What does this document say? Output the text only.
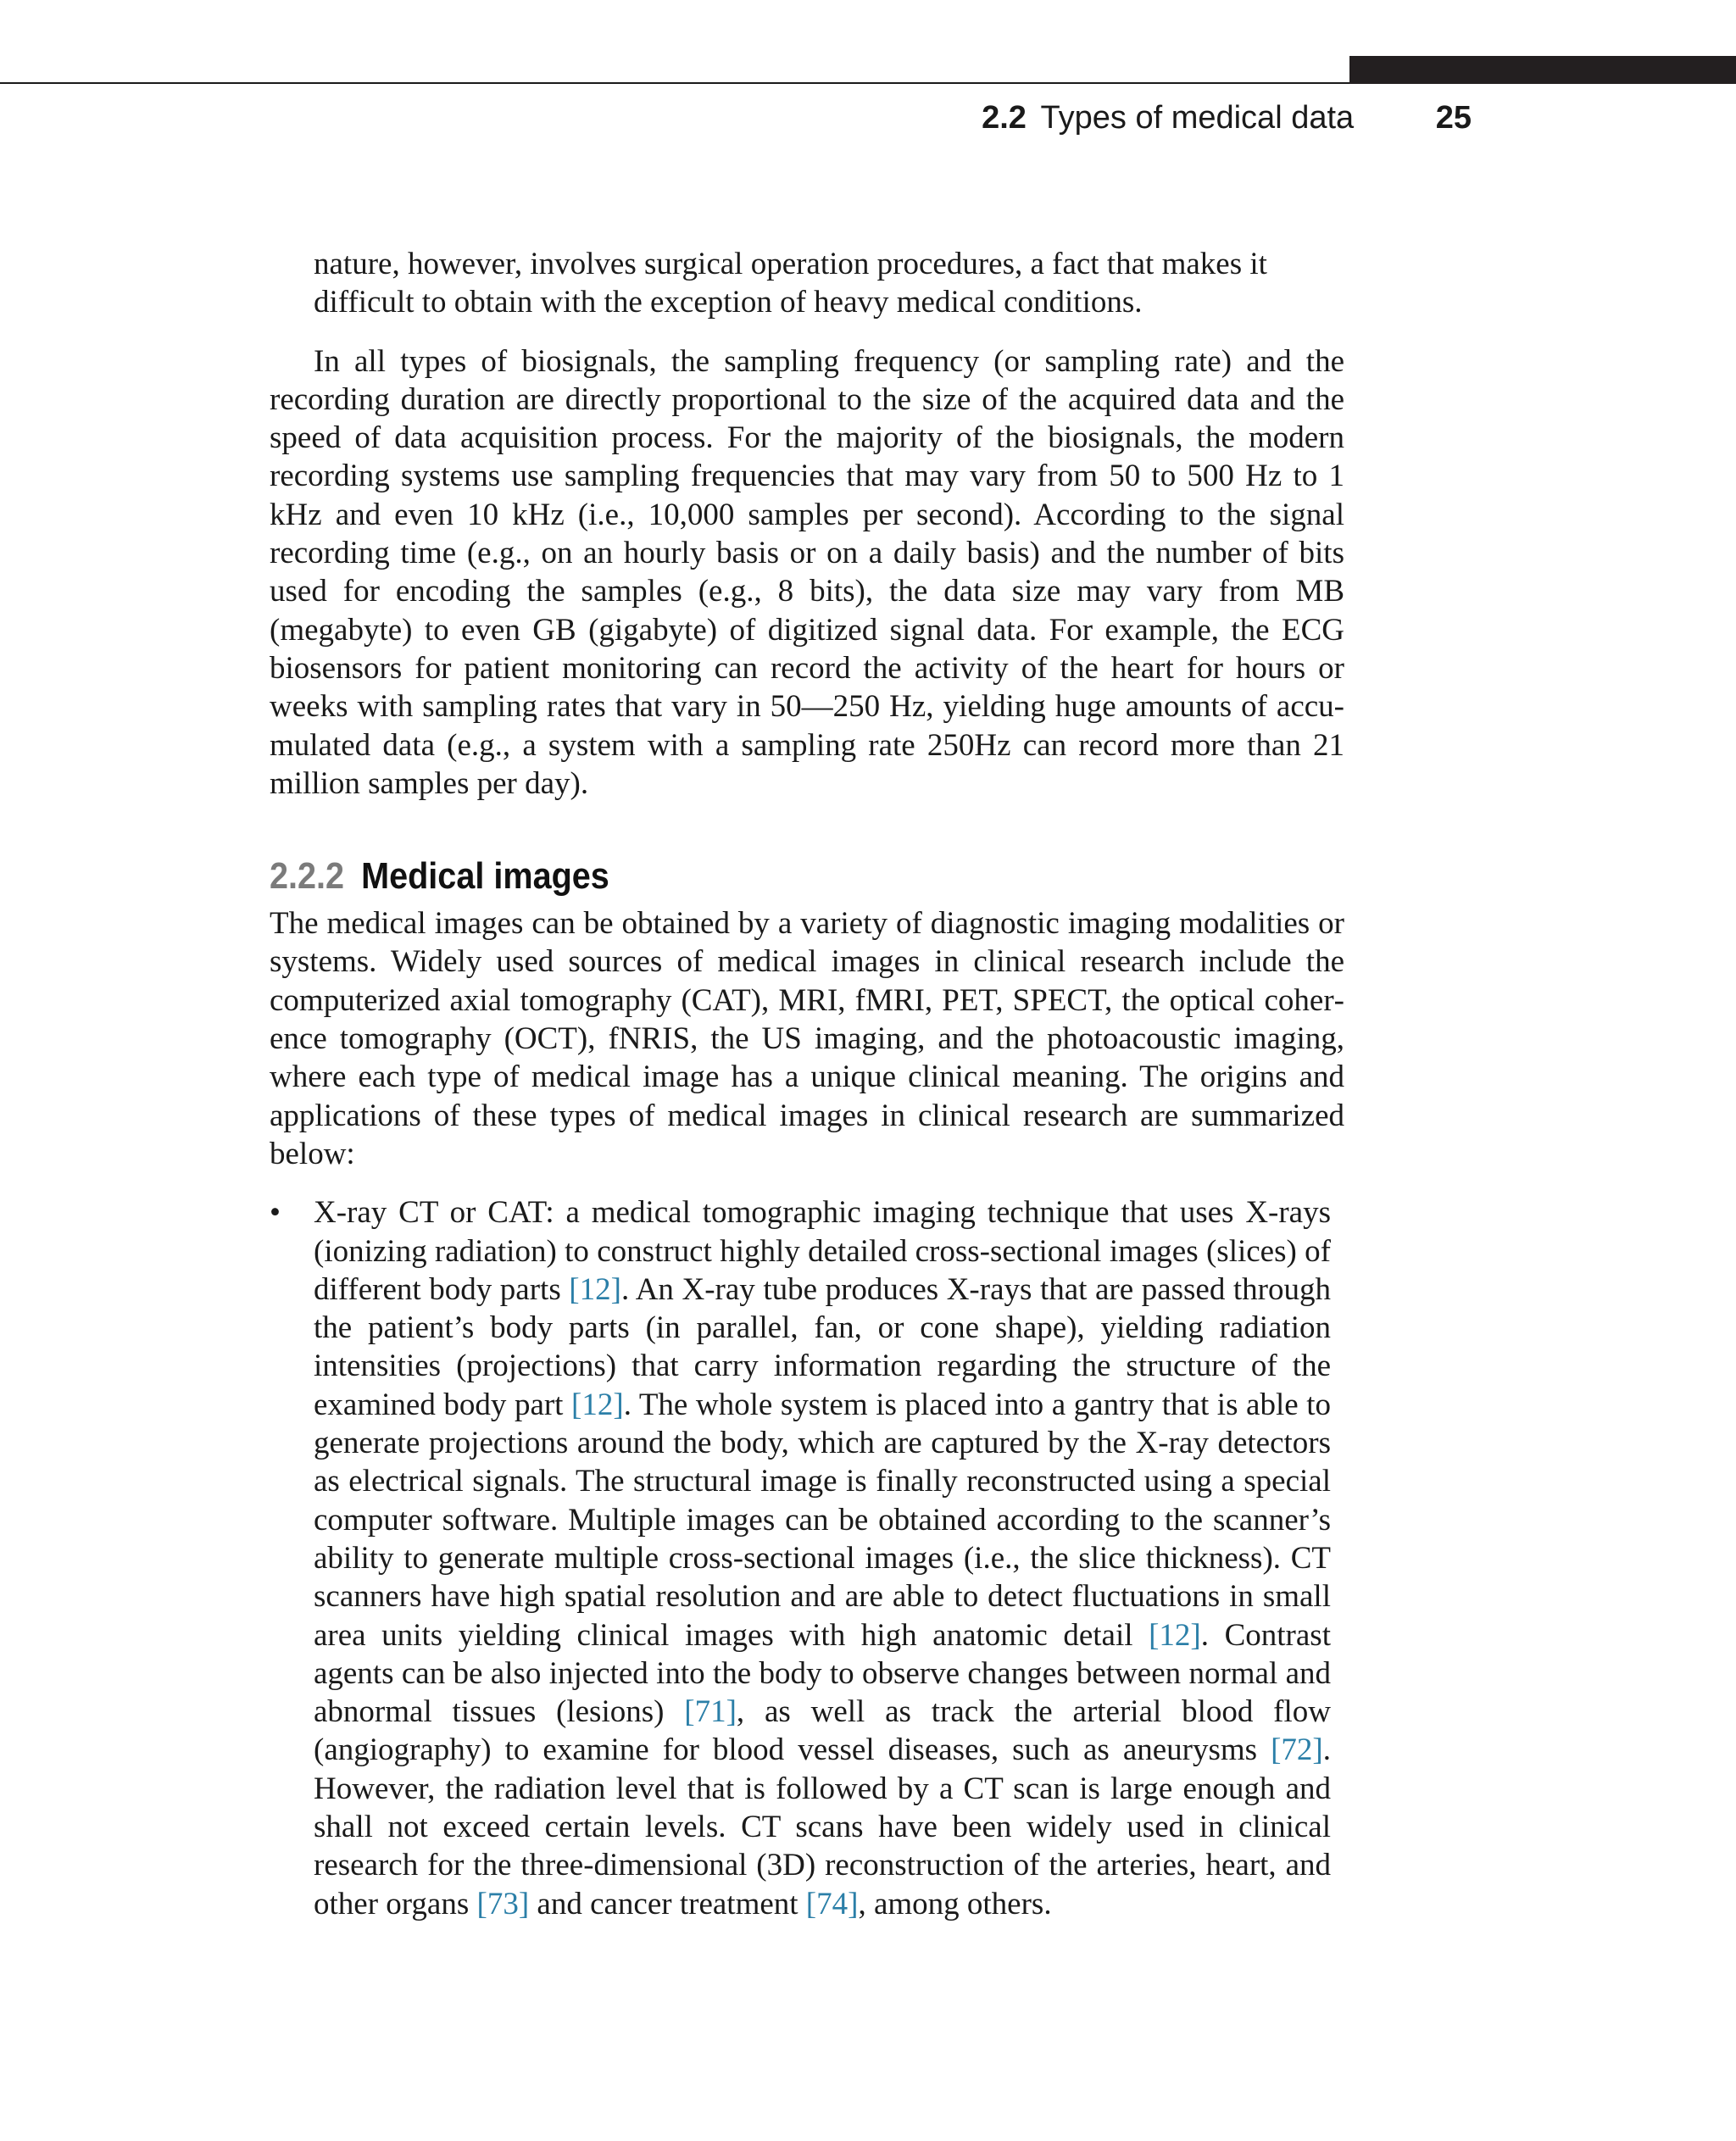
2.2 Types of medical data	25

nature, however, involves surgical operation procedures, a fact that makes it difficult to obtain with the exception of heavy medical conditions.

In all types of biosignals, the sampling frequency (or sampling rate) and the recording duration are directly proportional to the size of the acquired data and the speed of data acquisition process. For the majority of the biosignals, the modern recording systems use sampling frequencies that may vary from 50 to 500 Hz to 1 kHz and even 10 kHz (i.e., 10,000 samples per second). According to the signal recording time (e.g., on an hourly basis or on a daily basis) and the number of bits used for encoding the samples (e.g., 8 bits), the data size may vary from MB (megabyte) to even GB (gigabyte) of digitized signal data. For example, the ECG biosensors for patient monitoring can record the activity of the heart for hours or weeks with sampling rates that vary in 50—250 Hz, yielding huge amounts of accumulated data (e.g., a system with a sampling rate 250Hz can record more than 21 million samples per day).

2.2.2 Medical images

The medical images can be obtained by a variety of diagnostic imaging modalities or systems. Widely used sources of medical images in clinical research include the computerized axial tomography (CAT), MRI, fMRI, PET, SPECT, the optical coherence tomography (OCT), fNRIS, the US imaging, and the photoacoustic imaging, where each type of medical image has a unique clinical meaning. The origins and applications of these types of medical images in clinical research are summarized below:

• X-ray CT or CAT: a medical tomographic imaging technique that uses X-rays (ionizing radiation) to construct highly detailed cross-sectional images (slices) of different body parts [12]. An X-ray tube produces X-rays that are passed through the patient’s body parts (in parallel, fan, or cone shape), yielding radiation intensities (projections) that carry information regarding the structure of the examined body part [12]. The whole system is placed into a gantry that is able to generate projections around the body, which are captured by the X-ray detectors as electrical signals. The structural image is finally reconstructed using a special computer software. Multiple images can be obtained according to the scanner’s ability to generate multiple cross-sectional images (i.e., the slice thickness). CT scanners have high spatial resolution and are able to detect fluctuations in small area units yielding clinical images with high anatomic detail [12]. Contrast agents can be also injected into the body to observe changes between normal and abnormal tissues (lesions) [71], as well as track the arterial blood flow (angiography) to examine for blood vessel diseases, such as aneurysms [72]. However, the radiation level that is followed by a CT scan is large enough and shall not exceed certain levels. CT scans have been widely used in clinical research for the three-dimensional (3D) reconstruction of the arteries, heart, and other organs [73] and cancer treatment [74], among others.
